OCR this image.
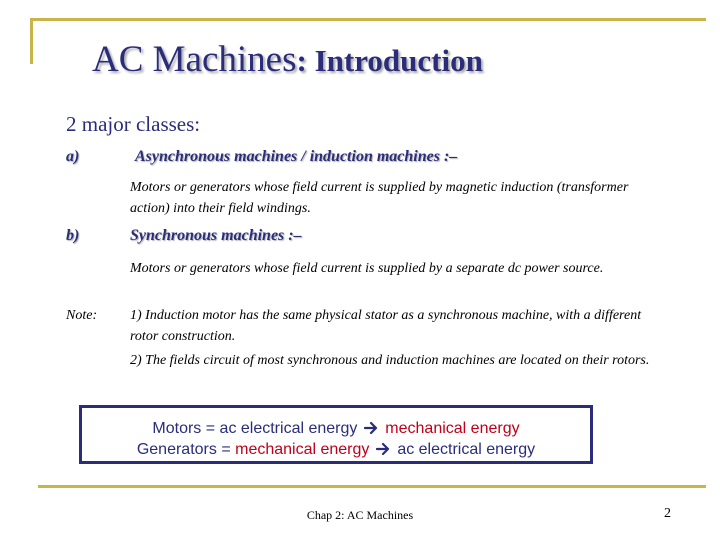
AC Machines: Introduction

2 major classes:

a)	Asynchronous machines / induction machines :–

Motors or generators whose field current is supplied by magnetic induction (transformer action) into their field windings.

b)	Synchronous machines :–

Motors or generators whose field current is supplied by a separate dc power source.

Note: 1) Induction motor has the same physical stator as a synchronous machine, with a different rotor construction.

2) The fields circuit of most synchronous and induction machines are located on their rotors.

Motors = ac electrical energy mechanical energy
Generators = mechanical energy ac electrical energy
Chap 2: AC Machines	2
